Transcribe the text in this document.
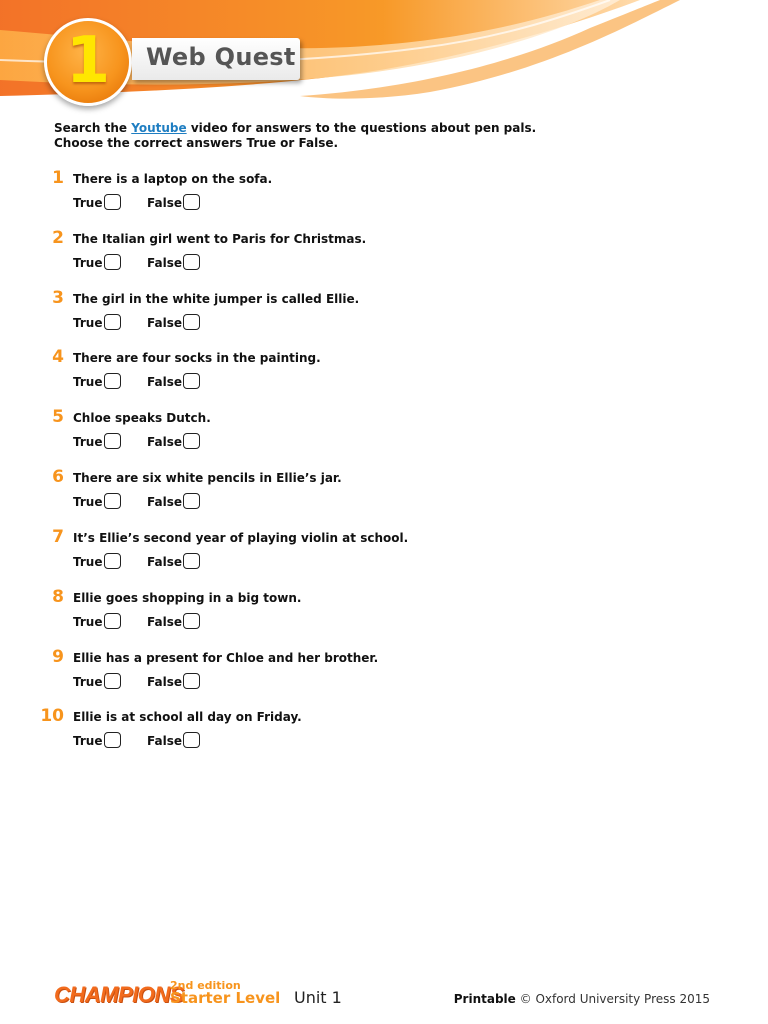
1	Web Quest
Search the Youtube video for answers to the questions about pen pals.
Choose the correct answers True or False.
1 There is a laptop on the sofa.
True	False
2 The Italian girl went to Paris for Christmas.
True	False
3 The girl in the white jumper is called Ellie.
True	False
4 There are four socks in the painting.
True	False
5 Chloe speaks Dutch.
True	False
6 There are six white pencils in Ellie’s jar.
True	False
7 It’s Ellie’s second year of playing violin at school.
True	False
8 Ellie goes shopping in a big town.
True	False
9 Ellie has a present for Chloe and her brother.
True	False
10 Ellie is at school all day on Friday.
True	False
CHAMPIONS
2nd edition
Starter Level Unit 1	Printable © Oxford University Press 2015
